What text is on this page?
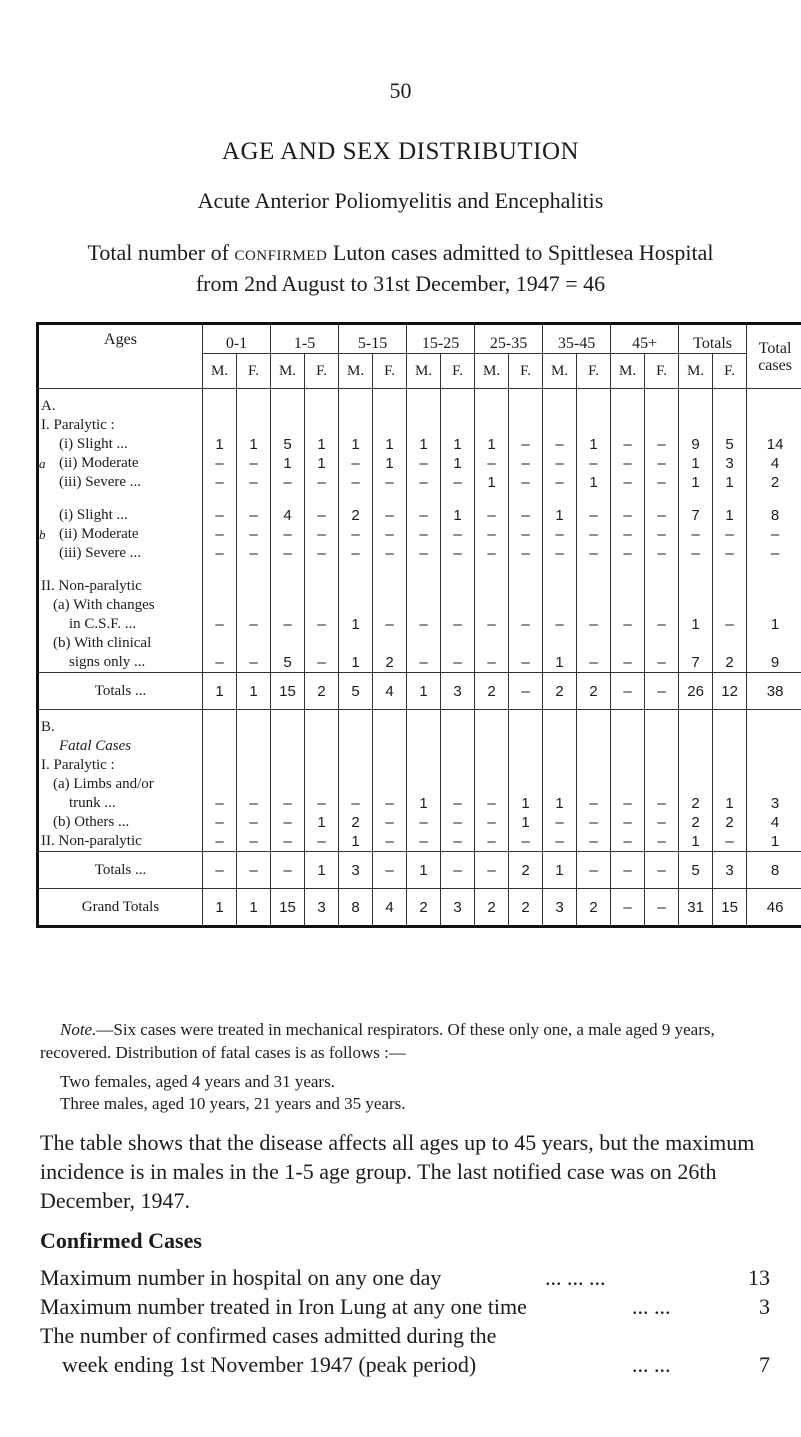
50
AGE AND SEX DISTRIBUTION
Acute Anterior Poliomyelitis and Encephalitis
Total number of confirmed Luton cases admitted to Spittlesea Hospital
from 2nd August to 31st December, 1947 = 46
Ages	0-1		1-5		5-15		15-25		25-35		35-45		45+		Totals		Total
cases
	M.	F.	M.	F.	M.	F.	M.	F.	M.	F.	M.	F.	M.	F.	M.	F.	

A.																	
I. Paralytic :																	
(i) Slight ...	1	1	5	1	1	1	1	1	1	–	–	1	–	–	9	5	14

a (ii) Moderate	–	–	1	1	–	1	–	1	–	–	–	–	–	–	1	3	4
(iii) Severe ...	–	–	–	–	–	–	–	–	1	–	–	1	–	–	1	1	2

(i) Slight ...	–	–	4	–	2	–	–	1	–	–	1	–	–	–	7	1	8

b (ii) Moderate	–	–	–	–	–	–	–	–	–	–	–	–	–	–	–	–	–
(iii) Severe ...	–	–	–	–	–	–	–	–	–	–	–	–	–	–	–	–	–

II. Non-paralytic																	
(a) With changes																	
in C.S.F. ...	–	–	–	–	1	–	–	–	–	–	–	–	–	–	1	–	1
(b) With clinical																	
signs only ...	–	–	5	–	1	2	–	–	–	–	1	–	–	–	7	2	9
Totals ...	1	1	15	2	5	4	1	3	2	–	2	2	–	–	26	12	38

B.																	
Fatal Cases																	
I. Paralytic :																	
(a) Limbs and/or																	
trunk ...	–	–	–	–	–	–	1	–	–	1	1	–	–	–	2	1	3
(b) Others ...	–	–	–	1	2	–	–	–	–	1	–	–	–	–	2	2	4
II. Non-paralytic	–	–	–	–	1	–	–	–	–	–	–	–	–	–	1	–	1
Totals ...	–	–	–	1	3	–	1	–	–	2	1	–	–	–	5	3	8
Grand Totals	1	1	15	3	8	4	2	3	2	2	3	2	–	–	31	15	46
Note.—Six cases were treated in mechanical respirators. Of these only one, a male aged 9 years, recovered. Distribution of fatal cases is as follows :—
Two females, aged 4 years and 31 years.
Three males, aged 10 years, 21 years and 35 years.
The table shows that the disease affects all ages up to 45 years, but the maximum incidence is in males in the 1-5 age group. The last notified case was on 26th December, 1947.
Confirmed Cases
Maximum number in hospital on any one day	... ... ...	13
Maximum number treated in Iron Lung at any one time	... ...	3
The number of confirmed cases admitted during the
week ending 1st November 1947 (peak period)	... ...	7
